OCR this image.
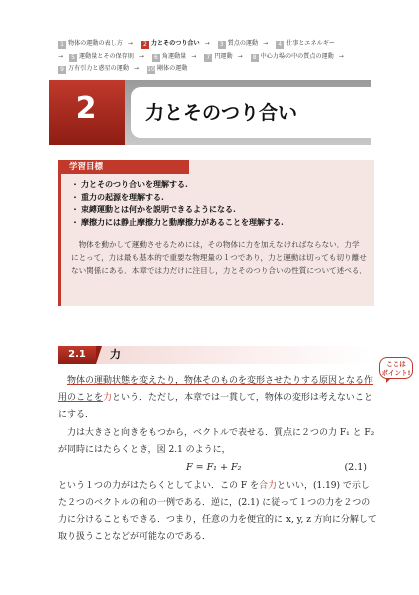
1 物体の運動の表し方 → 2 力とそのつり合い → 3 質点の運動 → 4 仕事とエネルギー
→ 5 運動量とその保存則 → 6 角運動量 → 7 円運動 → 8 中心力場の中の質点の運動 →9 万有引力と惑星の運動 → 10 剛体の運動
2	力とそのつり合い
学習目標
・ 力とそのつり合いを理解する.
・ 重力の起源を理解する.
・ 束縛運動とは何かを説明できるようになる.
・ 摩擦力には静止摩擦力と動摩擦力があることを理解する.
物体を動かして運動させるためには，その物体に力を加えなければならない．力学にとって，力は最も基本的で重要な物理量の１つであり，力と運動は切っても切り離せない関係にある．本章では力だけに注目し，力とそのつり合いの性質について述べる．
2.1	力
ここは
ポイント!

物体の運動状態を変えたり，物体そのものを変形させたりする原因となる作用のことを力という．ただし，本章では一貫して，物体の変形は考えないことにする．

力は大きさと向きをもつから，ベクトルで表せる．質点に２つの力 F₁ と F₂ が同時にはたらくとき，図 2.1 のように，

F = F₁ + F₂	(2.1)

という１つの力がはたらくとしてよい．この F を合力といい，(1.19) で示した２つのベクトルの和の一例である．逆に，(2.1) に従って１つの力を２つの力に分けることもできる．つまり，任意の力を便宜的に x, y, z 方向に分解して取り扱うことなどが可能なのである．
